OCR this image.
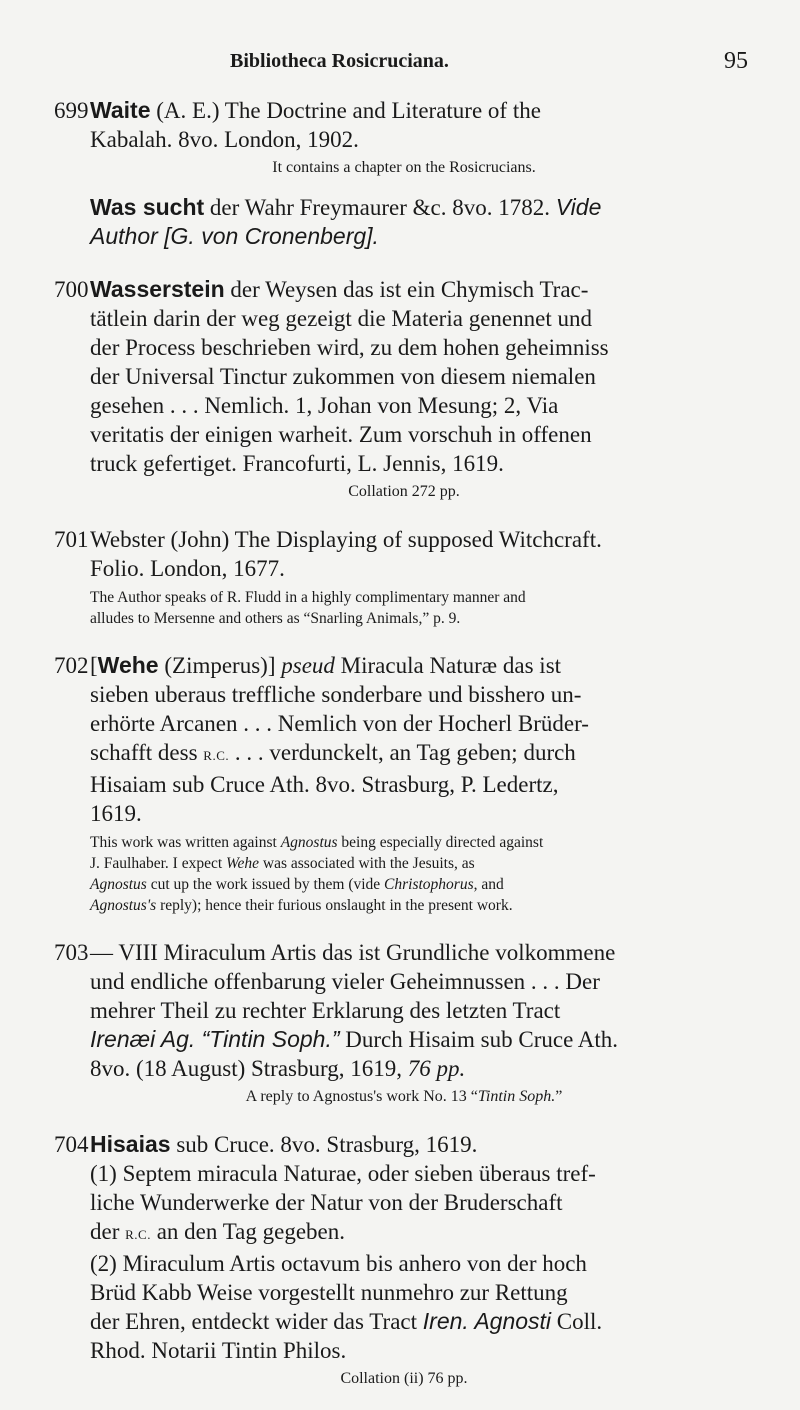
Bibliotheca Rosicruciana.	95
699 Waite (A. E.) The Doctrine and Literature of the
Kabalah. 8vo. London, 1902.
It contains a chapter on the Rosicrucians.
Was sucht der Wahr Freymaurer &c. 8vo. 1782. Vide
Author [G. von Cronenberg].
700 Wasserstein der Weysen das ist ein Chymisch Trac-
tätlein darin der weg gezeigt die Materia genennet und
der Process beschrieben wird, zu dem hohen geheimniss
der Universal Tinctur zukommen von diesem niemalen
gesehen . . . Nemlich. 1, Johan von Mesung; 2, Via
veritatis der einigen warheit. Zum vorschuh in offenen
truck gefertiget. Francofurti, L. Jennis, 1619.
Collation 272 pp.
701 Webster (John) The Displaying of supposed Witchcraft.
Folio. London, 1677.
The Author speaks of R. Fludd in a highly complimentary manner and
alludes to Mersenne and others as “Snarling Animals,” p. 9.
702 [Wehe (Zimperus)] pseud Miracula Naturæ das ist
sieben uberaus treffliche sonderbare und bisshero un-
erhörte Arcanen . . . Nemlich von der Hocherl Brüder-
schafft dess R.C. . . . verdunckelt, an Tag geben; durch
Hisaiam sub Cruce Ath. 8vo. Strasburg, P. Ledertz,
1619.
This work was written against Agnostus being especially directed against
J. Faulhaber. I expect Wehe was associated with the Jesuits, as
Agnostus cut up the work issued by them (vide Christophorus, and
Agnostus's reply); hence their furious onslaught in the present work.
703 — VIII Miraculum Artis das ist Grundliche volkommene
und endliche offenbarung vieler Geheimnussen . . . Der
mehrer Theil zu rechter Erklarung des letzten Tract
Irenæi Ag. “Tintin Soph.” Durch Hisaim sub Cruce Ath.
8vo. (18 August) Strasburg, 1619, 76 pp.
A reply to Agnostus's work No. 13 “Tintin Soph.”
704 Hisaias sub Cruce. 8vo. Strasburg, 1619.
(1) Septem miracula Naturae, oder sieben überaus tref-
liche Wunderwerke der Natur von der Bruderschaft
der R.C. an den Tag gegeben.
(2) Miraculum Artis octavum bis anhero von der hoch
Brüd Kabb Weise vorgestellt nunmehro zur Rettung
der Ehren, entdeckt wider das Tract Iren. Agnosti Coll.
Rhod. Notarii Tintin Philos.
Collation (ii) 76 pp.
